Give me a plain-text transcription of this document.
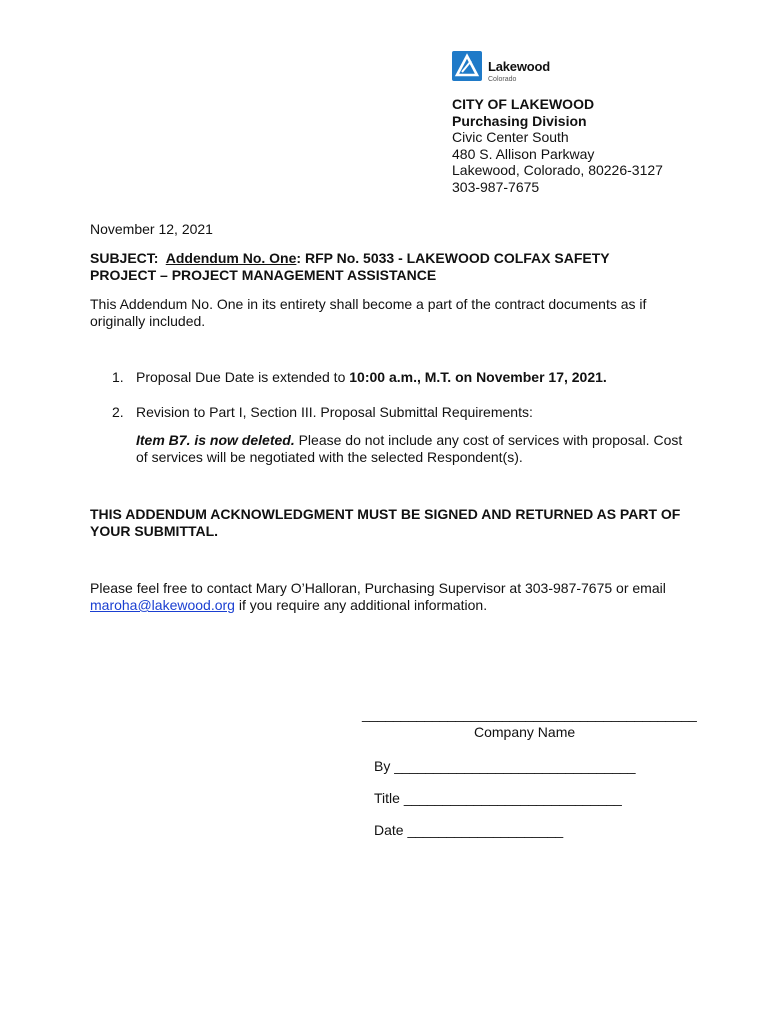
Lakewood
Colorado
CITY OF LAKEWOOD
Purchasing Division
Civic Center South
480 S. Allison Parkway
Lakewood, Colorado, 80226-3127
303-987-7675
November 12, 2021
SUBJECT: Addendum No. One: RFP No. 5033 - LAKEWOOD COLFAX SAFETY PROJECT – PROJECT MANAGEMENT ASSISTANCE
This Addendum No. One in its entirety shall become a part of the contract documents as if originally included.
1. Proposal Due Date is extended to 10:00 a.m., M.T. on November 17, 2021.
2. Revision to Part I, Section III. Proposal Submittal Requirements:
Item B7. is now deleted. Please do not include any cost of services with proposal. Cost of services will be negotiated with the selected Respondent(s).
THIS ADDENDUM ACKNOWLEDGMENT MUST BE SIGNED AND RETURNED AS PART OF YOUR SUBMITTAL.
Please feel free to contact Mary O’Halloran, Purchasing Supervisor at 303-987-7675 or email maroha@lakewood.org if you require any additional information.
___________________________________________
Company Name
By _______________________________
Title ____________________________
Date ____________________
